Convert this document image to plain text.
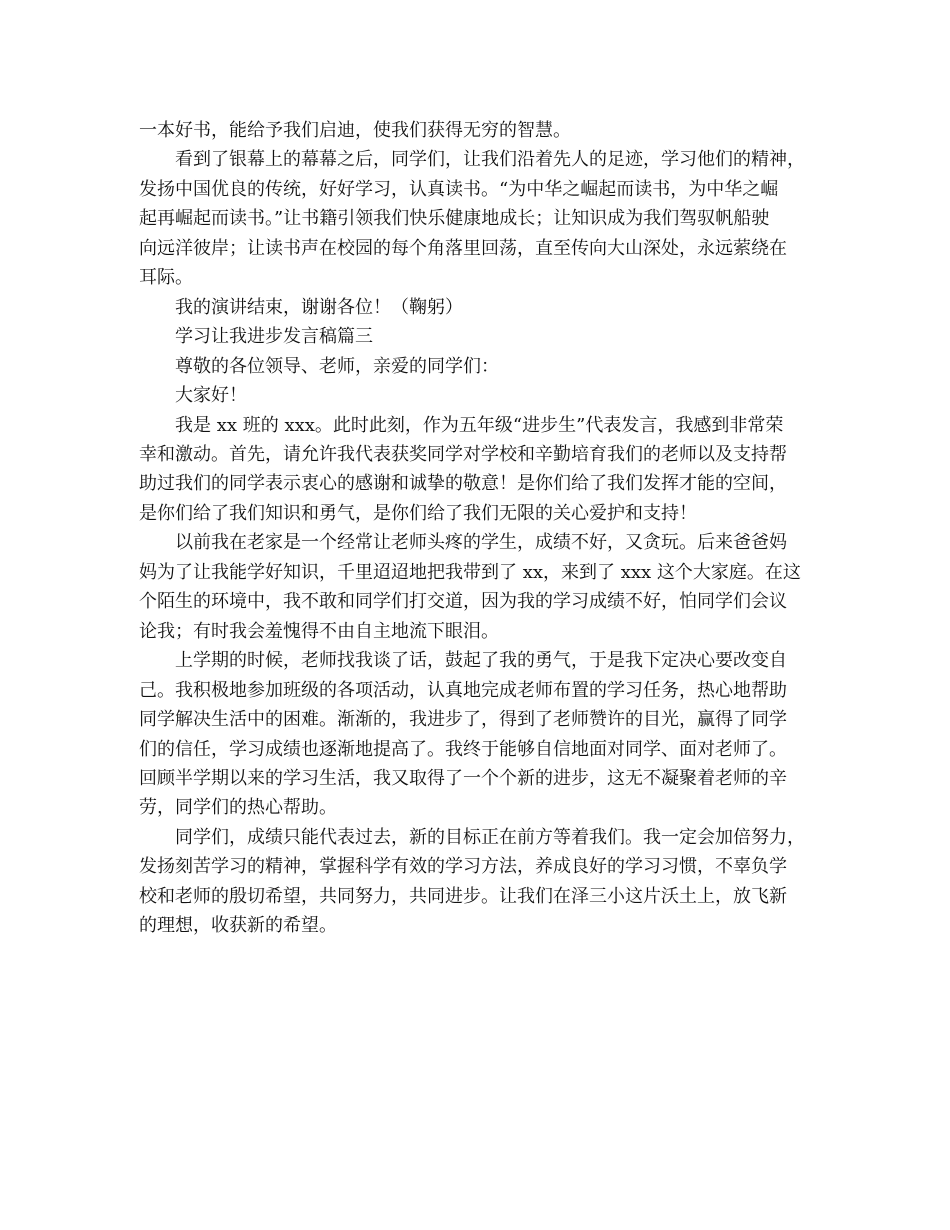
一本好书，能给予我们启迪，使我们获得无穷的智慧。

看到了银幕上的幕幕之后，同学们，让我们沿着先人的足迹，学习他们的精神，

发扬中国优良的传统，好好学习，认真读书。“为中华之崛起而读书，为中华之崛

起再崛起而读书。”让书籍引领我们快乐健康地成长；让知识成为我们驾驭帆船驶

向远洋彼岸；让读书声在校园的每个角落里回荡，直至传向大山深处，永远萦绕在

耳际。

我的演讲结束，谢谢各位！（鞠躬）

学习让我进步发言稿篇三

尊敬的各位领导、老师，亲爱的同学们：

大家好！

我是 xx 班的 xxx。此时此刻，作为五年级“进步生”代表发言，我感到非常荣

幸和激动。首先，请允许我代表获奖同学对学校和辛勤培育我们的老师以及支持帮

助过我们的同学表示衷心的感谢和诚挚的敬意！是你们给了我们发挥才能的空间，

是你们给了我们知识和勇气，是你们给了我们无限的关心爱护和支持！

以前我在老家是一个经常让老师头疼的学生，成绩不好，又贪玩。后来爸爸妈

妈为了让我能学好知识，千里迢迢地把我带到了 xx，来到了 xxx 这个大家庭。在这

个陌生的环境中，我不敢和同学们打交道，因为我的学习成绩不好，怕同学们会议

论我；有时我会羞愧得不由自主地流下眼泪。

上学期的时候，老师找我谈了话，鼓起了我的勇气，于是我下定决心要改变自

己。我积极地参加班级的各项活动，认真地完成老师布置的学习任务，热心地帮助

同学解决生活中的困难。渐渐的，我进步了，得到了老师赞许的目光，赢得了同学

们的信任，学习成绩也逐渐地提高了。我终于能够自信地面对同学、面对老师了。

回顾半学期以来的学习生活，我又取得了一个个新的进步，这无不凝聚着老师的辛

劳，同学们的热心帮助。

同学们，成绩只能代表过去，新的目标正在前方等着我们。我一定会加倍努力，

发扬刻苦学习的精神，掌握科学有效的学习方法，养成良好的学习习惯，不辜负学

校和老师的殷切希望，共同努力，共同进步。让我们在泽三小这片沃土上，放飞新

的理想，收获新的希望。
